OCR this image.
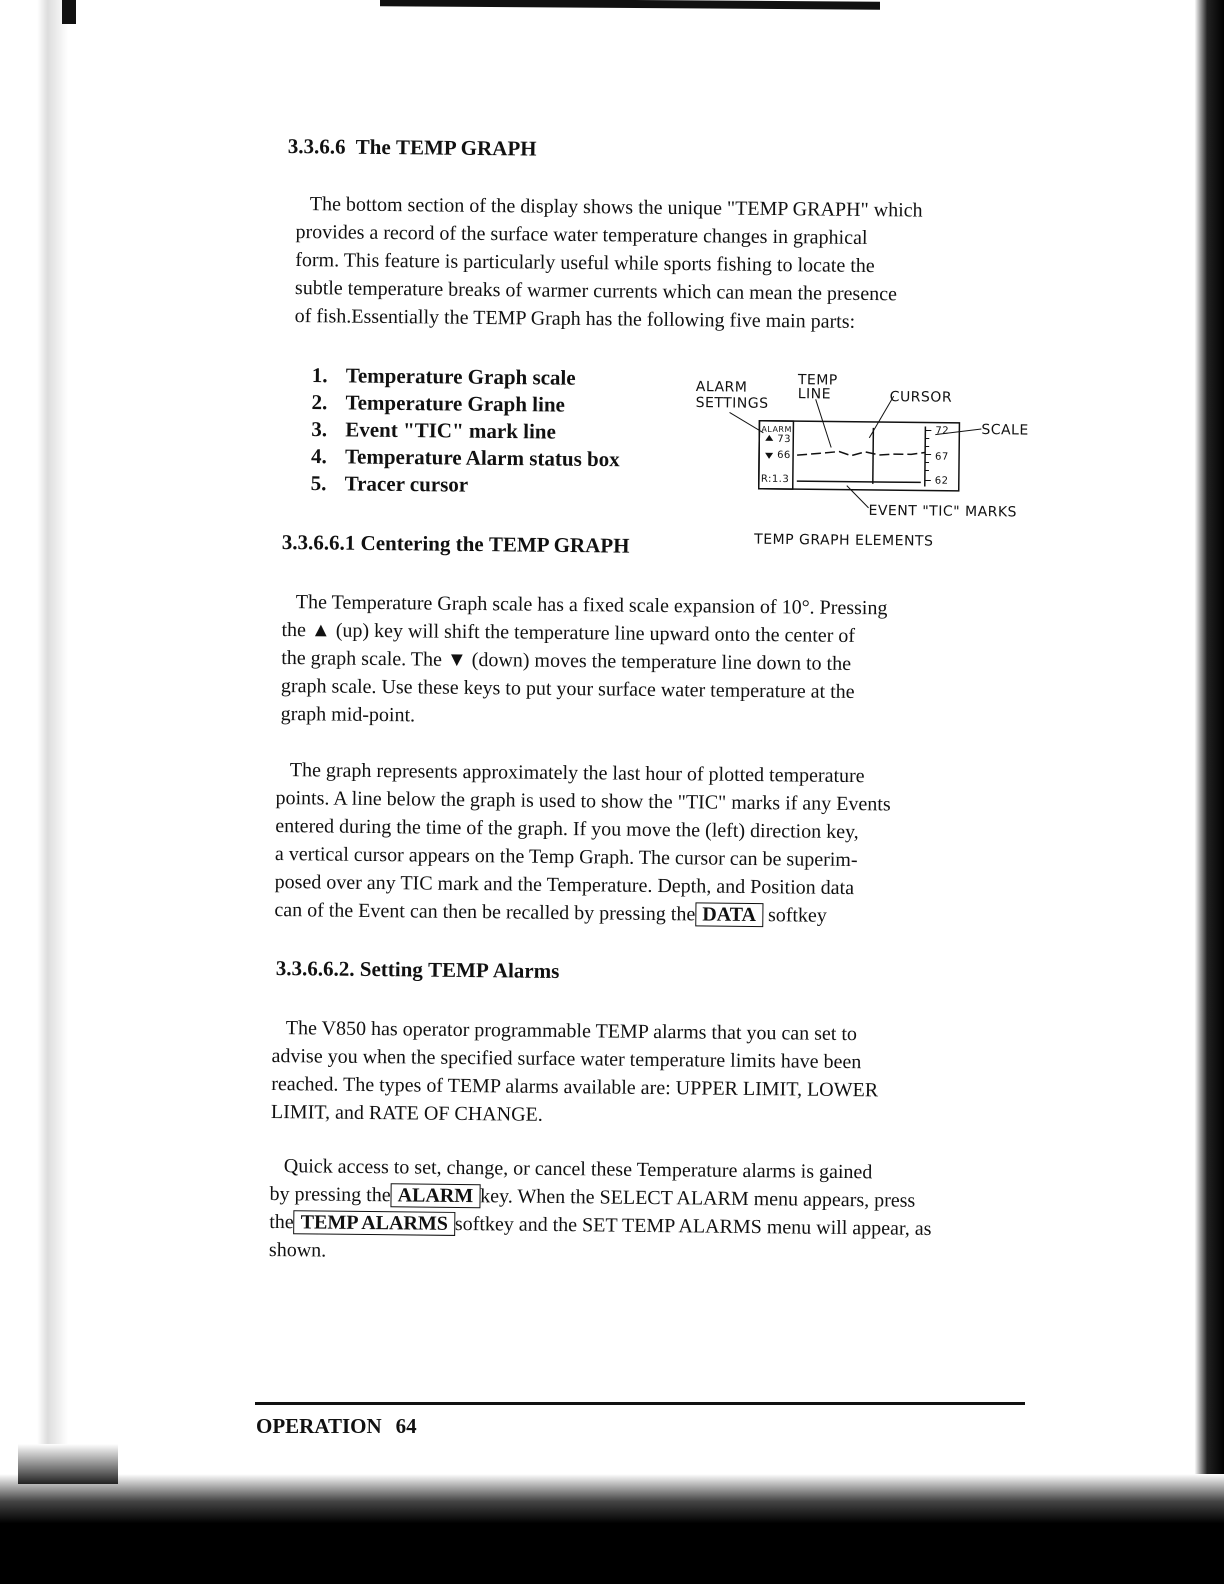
3.3.6.6 The TEMP GRAPH

The bottom section of the display shows the unique "TEMP GRAPH" which

provides a record of the surface water temperature changes in graphical

form. This feature is particularly useful while sports fishing to locate the

subtle temperature breaks of warmer currents which can mean the presence

of fish.Essentially the TEMP Graph has the following five main parts:

1. Temperature Graph scale
2. Temperature Graph line
3. Event "TIC" mark line
4. Temperature Alarm status box
5. Tracer cursor
ALARM
SETTINGS
TEMP
LINE	CURSOR
SCALE
EVENT "TIC" MARKS
TEMP GRAPH ELEMENTS
ALARM
73
66
R:1.3
72
67
62
3.3.6.6.1 Centering the TEMP GRAPH

The Temperature Graph scale has a fixed scale expansion of 10°. Pressing

the ▲ (up) key will shift the temperature line upward onto the center of

the graph scale. The ▼ (down) moves the temperature line down to the

graph scale. Use these keys to put your surface water temperature at the

graph mid-point.

The graph represents approximately the last hour of plotted temperature

points. A line below the graph is used to show the "TIC" marks if any Events

entered during the time of the graph. If you move the (left) direction key,

a vertical cursor appears on the Temp Graph. The cursor can be superim-

posed over any TIC mark and the Temperature. Depth, and Position data

can of the Event can then be recalled by pressing the DATA softkey

3.3.6.6.2. Setting TEMP Alarms

The V850 has operator programmable TEMP alarms that you can set to

advise you when the specified surface water temperature limits have been

reached. The types of TEMP alarms available are: UPPER LIMIT, LOWER

LIMIT, and RATE OF CHANGE.

Quick access to set, change, or cancel these Temperature alarms is gained

by pressing the ALARM key. When the SELECT ALARM menu appears, press

the TEMP ALARMS softkey and the SET TEMP ALARMS menu will appear, as

shown.

OPERATION 64
